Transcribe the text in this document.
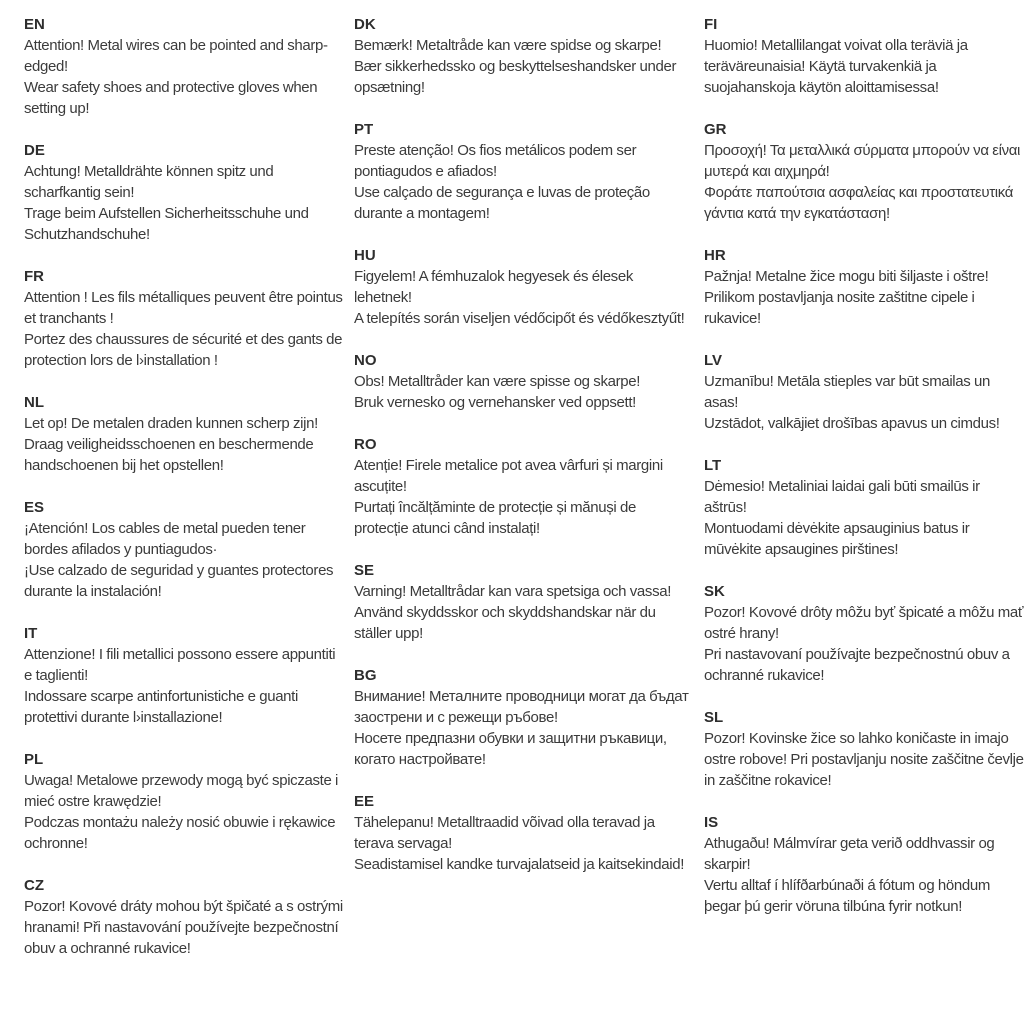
EN

Attention! Metal wires can be pointed and sharp-edged!

Wear safety shoes and protective gloves when setting up!

DE

Achtung! Metalldrähte können spitz und scharfkantig sein!

Trage beim Aufstellen Sicherheitsschuhe und Schutzhandschuhe!

FR

Attention ! Les fils métalliques peuvent être pointus et tranchants !

Portez des chaussures de sécurité et des gants de protection lors de l›installation !

NL

Let op! De metalen draden kunnen scherp zijn!

Draag veiligheidsschoenen en beschermende handschoenen bij het opstellen!

ES

¡Atención! Los cables de metal pueden tener bordes afilados y puntiagudos·

¡Use calzado de seguridad y guantes protectores durante la instalación!

IT

Attenzione! I fili metallici possono essere appuntiti e taglienti!

Indossare scarpe antinfortunistiche e guanti protettivi durante l›installazione!

PL

Uwaga! Metalowe przewody mogą być spiczaste i mieć ostre krawędzie!

Podczas montażu należy nosić obuwie i rękawice ochronne!

CZ

Pozor! Kovové dráty mohou být špičaté a s ostrými hranami! Při nastavování používejte bezpečnostní obuv a ochranné rukavice!

DK

Bemærk! Metaltråde kan være spidse og skarpe!

Bær sikkerhedssko og beskyttelseshandsker under opsætning!

PT

Preste atenção! Os fios metálicos podem ser pontiagudos e afiados!

Use calçado de segurança e luvas de proteção durante a montagem!

HU

Figyelem! A fémhuzalok hegyesek és élesek lehetnek!

A telepítés során viseljen védőcipőt és védőkesztyűt!

NO

Obs! Metalltråder kan være spisse og skarpe!

Bruk vernesko og vernehansker ved oppsett!

RO

Atenție! Firele metalice pot avea vârfuri și margini ascuțite!

Purtați încălțăminte de protecție și mănuși de protecție atunci când instalați!

SE

Varning! Metalltrådar kan vara spetsiga och vassa!

Använd skyddsskor och skyddshandskar när du ställer upp!

BG

Внимание! Металните проводници могат да бъдат заострени и с режещи ръбове!

Носете предпазни обувки и защитни ръкавици, когато настройвате!

EE

Tähelepanu! Metalltraadid võivad olla teravad ja terava servaga!

Seadistamisel kandke turvajalatseid ja kaitsekindaid!

FI

Huomio! Metallilangat voivat olla teräviä ja teräväreunaisia! Käytä turvakenkiä ja suojahanskoja käytön aloittamisessa!

GR

Προσοχή! Τα μεταλλικά σύρματα μπορούν να είναι μυτερά και αιχμηρά!

Φοράτε παπούτσια ασφαλείας και προστατευτικά γάντια κατά την εγκατάσταση!

HR

Pažnja! Metalne žice mogu biti šiljaste i oštre! Prilikom postavljanja nosite zaštitne cipele i rukavice!

LV

Uzmanību! Metāla stieples var būt smailas un asas!

Uzstādot, valkājiet drošības apavus un cimdus!

LT

Dėmesio! Metaliniai laidai gali būti smailūs ir aštrūs!

Montuodami dėvėkite apsauginius batus ir mūvėkite apsaugines pirštines!

SK

Pozor! Kovové drôty môžu byť špicaté a môžu mať ostré hrany!

Pri nastavovaní používajte bezpečnostnú obuv a ochranné rukavice!

SL

Pozor! Kovinske žice so lahko koničaste in imajo ostre robove! Pri postavljanju nosite zaščitne čevlje in zaščitne rokavice!

IS

Athugaðu! Málmvírar geta verið oddhvassir og skarpir!

Vertu alltaf í hlífðarbúnaði á fótum og höndum þegar þú gerir vöruna tilbúna fyrir notkun!
